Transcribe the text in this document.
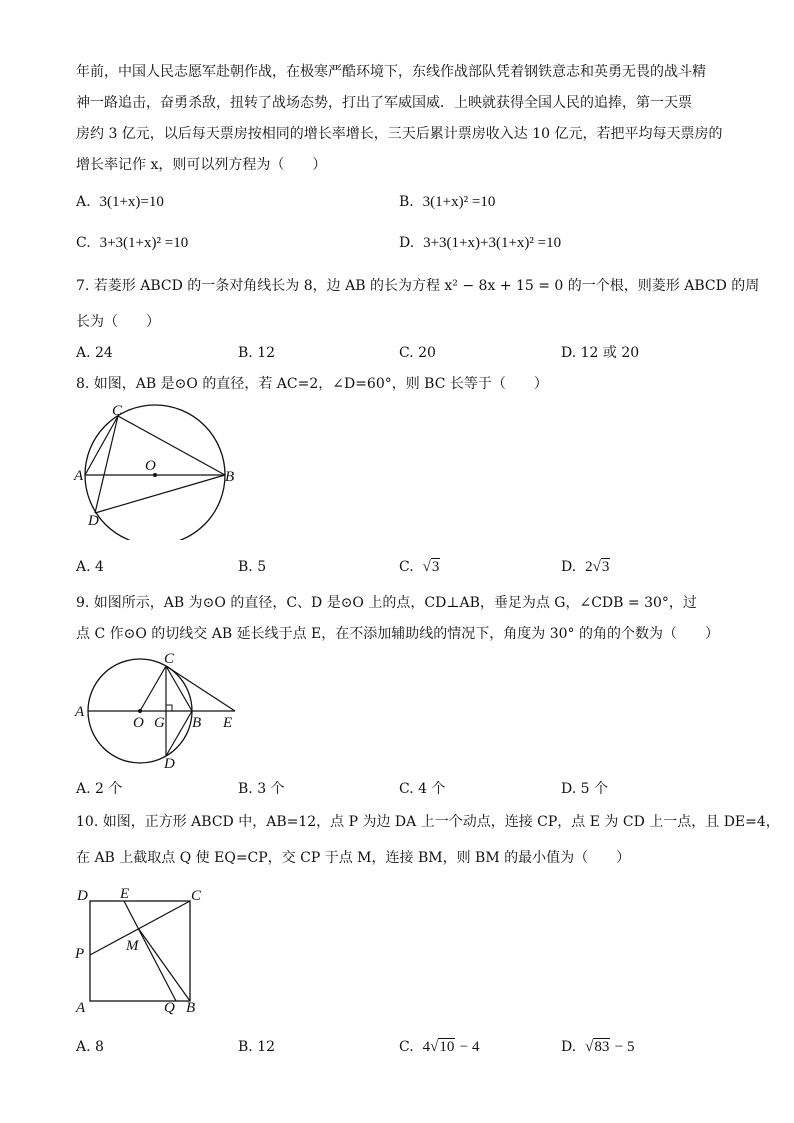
年前，中国人民志愿军赴朝作战，在极寒严酷环境下，东线作战部队凭着钢铁意志和英勇无畏的战斗精
神一路追击，奋勇杀敌，扭转了战场态势，打出了军威国威．上映就获得全国人民的追捧，第一天票
房约 3 亿元，以后每天票房按相同的增长率增长，三天后累计票房收入达 10 亿元，若把平均每天票房的
增长率记作 x，则可以列方程为（　　）
A. 3(1+x)=10	B. 3(1+x)² =10
C. 3+3(1+x)² =10	D. 3+3(1+x)+3(1+x)² =10
7. 若菱形 ABCD 的一条对角线长为 8，边 AB 的长为方程 x² − 8x + 15 = 0 的一个根，则菱形 ABCD 的周
长为（　　）
A. 24	B. 12	C. 20	D. 12 或 20
8. 如图，AB 是⊙O 的直径，若 AC=2，∠D=60°，则 BC 长等于（　　）
C
A
O
B
D
A. 4	B. 5	C. √3	D. 2√3
9. 如图所示，AB 为⊙O 的直径，C、D 是⊙O 上的点，CD⊥AB，垂足为点 G，∠CDB = 30°，过
点 C 作⊙O 的切线交 AB 延长线于点 E，在不添加辅助线的情况下，角度为 30° 的角的个数为（　　）
C
A
O G B E
D
A. 2 个	B. 3 个	C. 4 个	D. 5 个
10. 如图，正方形 ABCD 中，AB=12，点 P 为边 DA 上一个动点，连接 CP，点 E 为 CD 上一点，且 DE=4，
在 AB 上截取点 Q 使 EQ=CP，交 CP 于点 M，连接 BM，则 BM 的最小值为（　　）
D E	C
P	M
A	Q B
A. 8	B. 12	C. 4√10 − 4	D. √83 − 5
